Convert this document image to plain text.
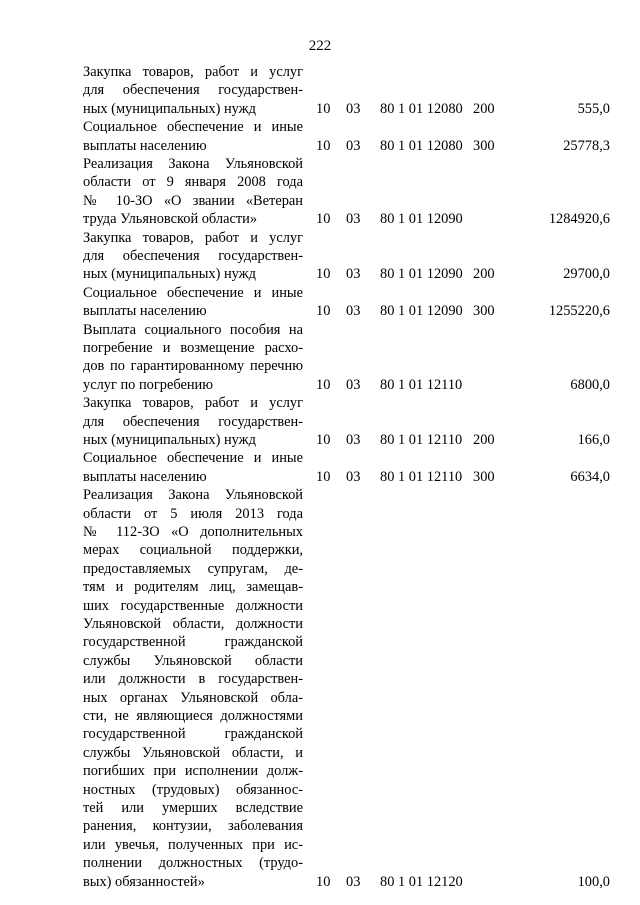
222
Закупка товаров, работ и услуг
для обеспечения государствен-
ных (муниципальных) нужд	10 03 80 1 01 12080 200	555,0
Социальное обеспечение и иные
выплаты населению	10 03 80 1 01 12080 300	25778,3
Реализация Закона Ульяновской
области от 9 января 2008 года
№ 10-ЗО «О звании «Ветеран
труда Ульяновской области»	10 03 80 1 01 12090	1284920,6
Закупка товаров, работ и услуг
для обеспечения государствен-
ных (муниципальных) нужд	10 03 80 1 01 12090 200	29700,0
Социальное обеспечение и иные
выплаты населению	10 03 80 1 01 12090 300	1255220,6
Выплата социального пособия на
погребение и возмещение расхо-
дов по гарантированному перечню
услуг по погребению	10 03 80 1 01 12110	6800,0
Закупка товаров, работ и услуг
для обеспечения государствен-
ных (муниципальных) нужд	10 03 80 1 01 12110 200	166,0
Социальное обеспечение и иные
выплаты населению	10 03 80 1 01 12110 300	6634,0
Реализация Закона Ульяновской
области от 5 июля 2013 года
№ 112-ЗО «О дополнительных
мерах социальной поддержки,
предоставляемых супругам, де-
тям и родителям лиц, замещав-
ших государственные должности
Ульяновской области, должности
государственной гражданской
службы Ульяновской области
или должности в государствен-
ных органах Ульяновской обла-
сти, не являющиеся должностями
государственной гражданской
службы Ульяновской области, и
погибших при исполнении долж-
ностных (трудовых) обязаннос-
тей или умерших вследствие
ранения, контузии, заболевания
или увечья, полученных при ис-
полнении должностных (трудо-
вых) обязанностей»	10 03 80 1 01 12120	100,0
